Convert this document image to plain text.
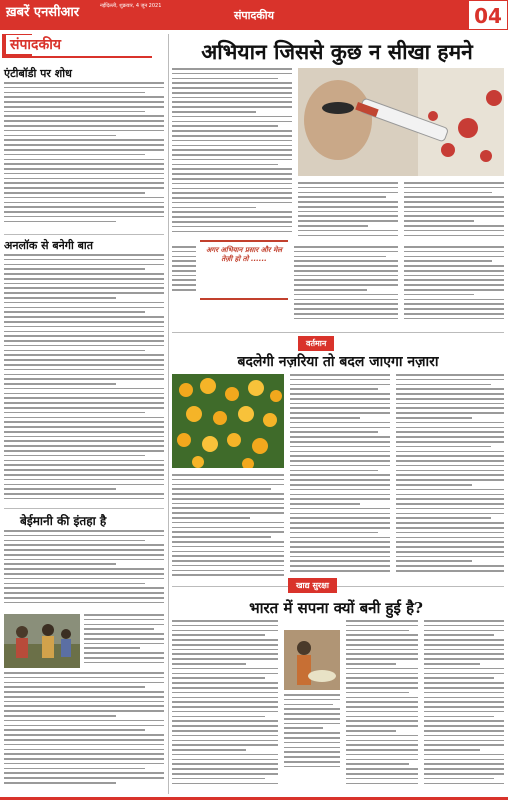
ख़बरें एनसीआर	नईदिल्ली, शुक्रवार, 4 जून 2021
संपादकीय	04
संपादकीय
एंटीबॉडी पर शोध
अनलॉक से बनेगी बात
बेईमानी की इंतहा है
अभियान जिससे कुछ न सीखा हमने
अगर अभियान प्रसार और मेल तेज़ी हो तो ......
वर्तमान
बदलेगी नज़रिया तो बदल जाएगा नज़ारा
खाद्य सुरक्षा
भारत में सपना क्यों बनी हुई है?
